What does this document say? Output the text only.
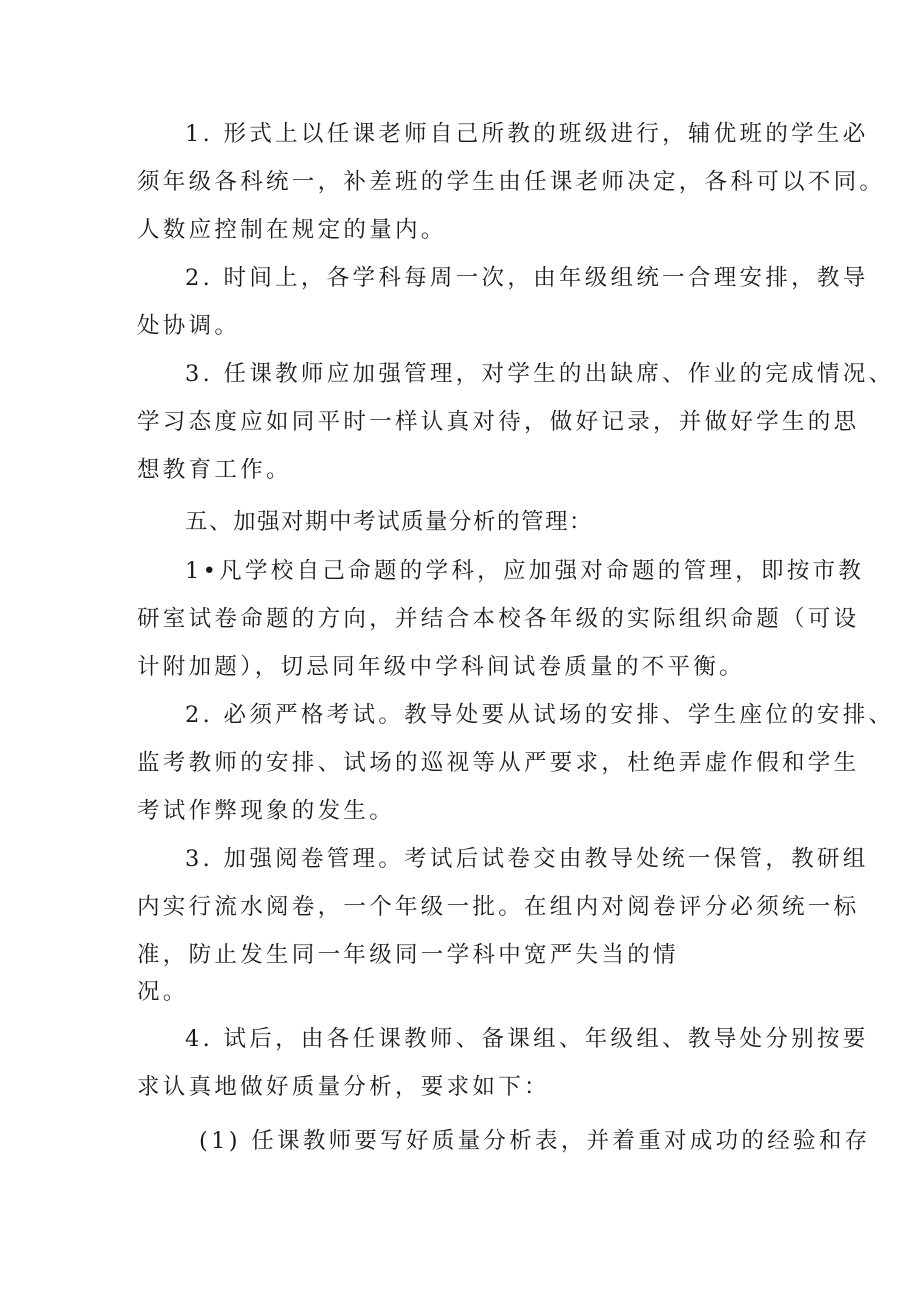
1. 形式上以任课老师自己所教的班级进行，辅优班的学生必
须年级各科统一，补差班的学生由任课老师决定，各科可以不同。
人数应控制在规定的量内。
2. 时间上，各学科每周一次，由年级组统一合理安排，教导
处协调。
3. 任课教师应加强管理，对学生的出缺席、作业的完成情况、
学习态度应如同平时一样认真对待，做好记录，并做好学生的思
想教育工作。
五、加强对期中考试质量分析的管理：
1•凡学校自己命题的学科，应加强对命题的管理，即按市教
研室试卷命题的方向，并结合本校各年级的实际组织命题（可设
计附加题），切忌同年级中学科间试卷质量的不平衡。
2. 必须严格考试。教导处要从试场的安排、学生座位的安排、
监考教师的安排、试场的巡视等从严要求，杜绝弄虚作假和学生
考试作弊现象的发生。
3. 加强阅卷管理。考试后试卷交由教导处统一保管，教研组
内实行流水阅卷，一个年级一批。在组内对阅卷评分必须统一标
准，防止发生同一年级同一学科中宽严失当的情
况。
4. 试后，由各任课教师、备课组、年级组、教导处分别按要
求认真地做好质量分析，要求如下：
(1) 任课教师要写好质量分析表，并着重对成功的经验和存
